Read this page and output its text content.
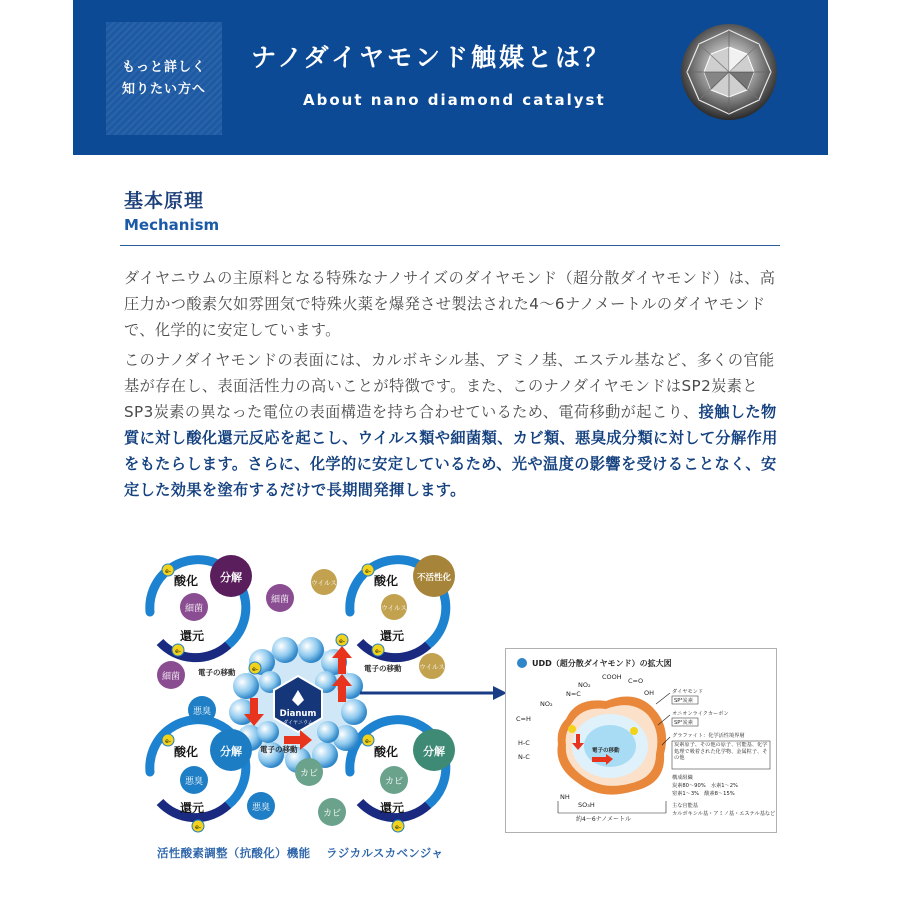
もっと詳しく
知りたい方へ
ナノダイヤモンド触媒とは？
About nano diamond catalyst
基本原理
Mechanism
ダイヤニウムの主原料となる特殊なナノサイズのダイヤモンド（超分散ダイヤモンド）は、高圧力かつ酸素欠如雰囲気で特殊火薬を爆発させ製法された4〜6ナノメートルのダイヤモンドで、化学的に安定しています。
このナノダイヤモンドの表面には、カルボキシル基、アミノ基、エステル基など、多くの官能基が存在し、表面活性力の高いことが特徴です。また、このナノダイヤモンドはSP2炭素とSP3炭素の異なった電位の表面構造を持ち合わせているため、電荷移動が起こり、接触した物質に対し酸化還元反応を起こし、ウイルス類や細菌類、カビ類、悪臭成分類に対して分解作用をもたらします。さらに、化学的に安定しているため、光や温度の影響を受けることなく、安定した効果を塗布するだけで長期間発揮します。
Dianum
ダイヤニウム
電子の移動	電子の移動
電子の移動
分解	不活性化
分解	分解
酸化
還元
酸化
還元
酸化
還元
酸化
還元
細菌
細菌
細菌
ウイルス
ウイルス
ウイルス
悪臭
悪臭
悪臭
カビ
カビ
カビ
e-
e-
e-
e-
e-
e-
e-
e-
e-
e-
活性酸素調整（抗酸化）機能 ラジカルスカベンジャ
UDD（超分散ダイヤモンド）の拡大図
電子の移動
NO₂
COOH C=O
OH
N=C
NO₂
C=H
H-C
N-C
NH
SO₃H
ダイヤモンド
SP³炭素
オニオンライクカーボン
SP²炭素
グラファイト：化学活性境界層
炭素原子、その他の原子、官能基、化学処理で吸着された化学物、金属粒子、その他
構成組織
炭素80〜90%　水素1〜2%
窒素1〜3%　酸素8〜15%
主な官能基
カルボキシル基・アミノ基・エステル基など
約4〜6ナノメートル
